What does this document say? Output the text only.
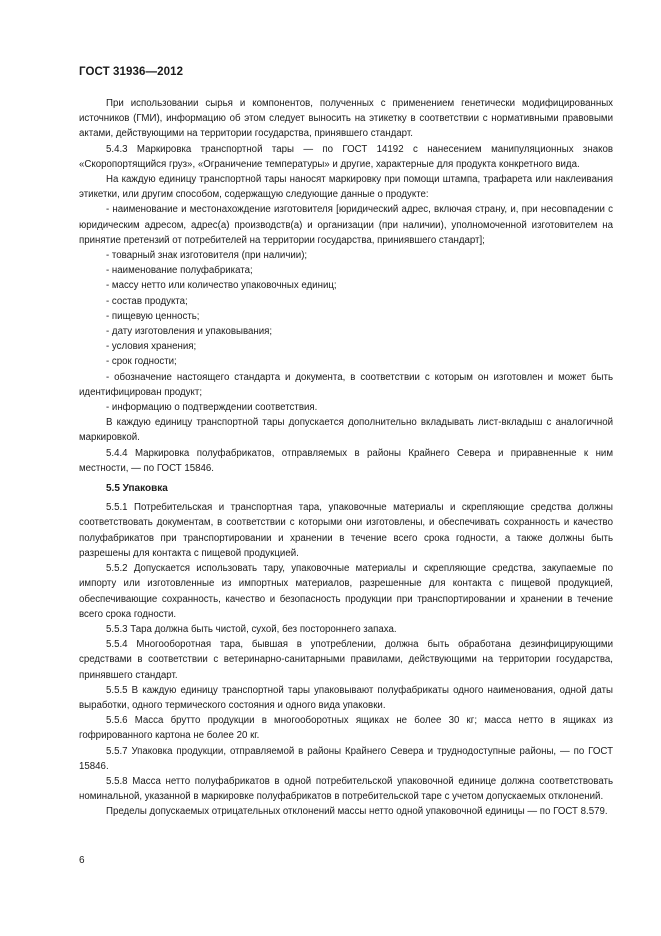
ГОСТ 31936—2012

При использовании сырья и компонентов, полученных с применением генетически модифицированных источников (ГМИ), информацию об этом следует выносить на этикетку в соответствии с нормативными правовыми актами, действующими на территории государства, принявшего стандарт.

5.4.3 Маркировка транспортной тары — по ГОСТ 14192 с нанесением манипуляционных знаков «Скоропортящийся груз», «Ограничение температуры» и другие, характерные для продукта конкретного вида.

На каждую единицу транспортной тары наносят маркировку при помощи штампа, трафарета или наклеивания этикетки, или другим способом, содержащую следующие данные о продукте:

- наименование и местонахождение изготовителя [юридический адрес, включая страну, и, при несовпадении с юридическим адресом, адрес(а) производств(а) и организации (при наличии), уполномоченной изготовителем на принятие претензий от потребителей на территории государства, приниявшего стандарт];

- товарный знак изготовителя (при наличии);

- наименование полуфабриката;

- массу нетто или количество упаковочных единиц;

- состав продукта;

- пищевую ценность;

- дату изготовления и упаковывания;

- условия хранения;

- срок годности;

- обозначение настоящего стандарта и документа, в соответствии с которым он изготовлен и может быть идентифицирован продукт;

- информацию о подтверждении соответствия.

В каждую единицу транспортной тары допускается дополнительно вкладывать лист-вкладыш с аналогичной маркировкой.

5.4.4 Маркировка полуфабрикатов, отправляемых в районы Крайнего Севера и приравненные к ним местности, — по ГОСТ 15846.

5.5 Упаковка

5.5.1 Потребительская и транспортная тара, упаковочные материалы и скрепляющие средства должны соответствовать документам, в соответствии с которыми они изготовлены, и обеспечивать сохранность и качество полуфабрикатов при транспортировании и хранении в течение всего срока годности, а также должны быть разрешены для контакта с пищевой продукцией.

5.5.2 Допускается использовать тару, упаковочные материалы и скрепляющие средства, закупаемые по импорту или изготовленные из импортных материалов, разрешенные для контакта с пищевой продукцией, обеспечивающие сохранность, качество и безопасность продукции при транспортировании и хранении в течение всего срока годности.

5.5.3 Тара должна быть чистой, сухой, без постороннего запаха.

5.5.4 Многооборотная тара, бывшая в употреблении, должна быть обработана дезинфицирующими средствами в соответствии с ветеринарно-санитарными правилами, действующими на территории государства, принявшего стандарт.

5.5.5 В каждую единицу транспортной тары упаковывают полуфабрикаты одного наименования, одной даты выработки, одного термического состояния и одного вида упаковки.

5.5.6 Масса брутто продукции в многооборотных ящиках не более 30 кг; масса нетто в ящиках из гофрированного картона не более 20 кг.

5.5.7 Упаковка продукции, отправляемой в районы Крайнего Севера и труднодоступные районы, — по ГОСТ 15846.

5.5.8 Масса нетто полуфабрикатов в одной потребительской упаковочной единице должна соответствовать номинальной, указанной в маркировке полуфабрикатов в потребительской таре с учетом допускаемых отклонений.

Пределы допускаемых отрицательных отклонений массы нетто одной упаковочной единицы — по ГОСТ 8.579.

6
